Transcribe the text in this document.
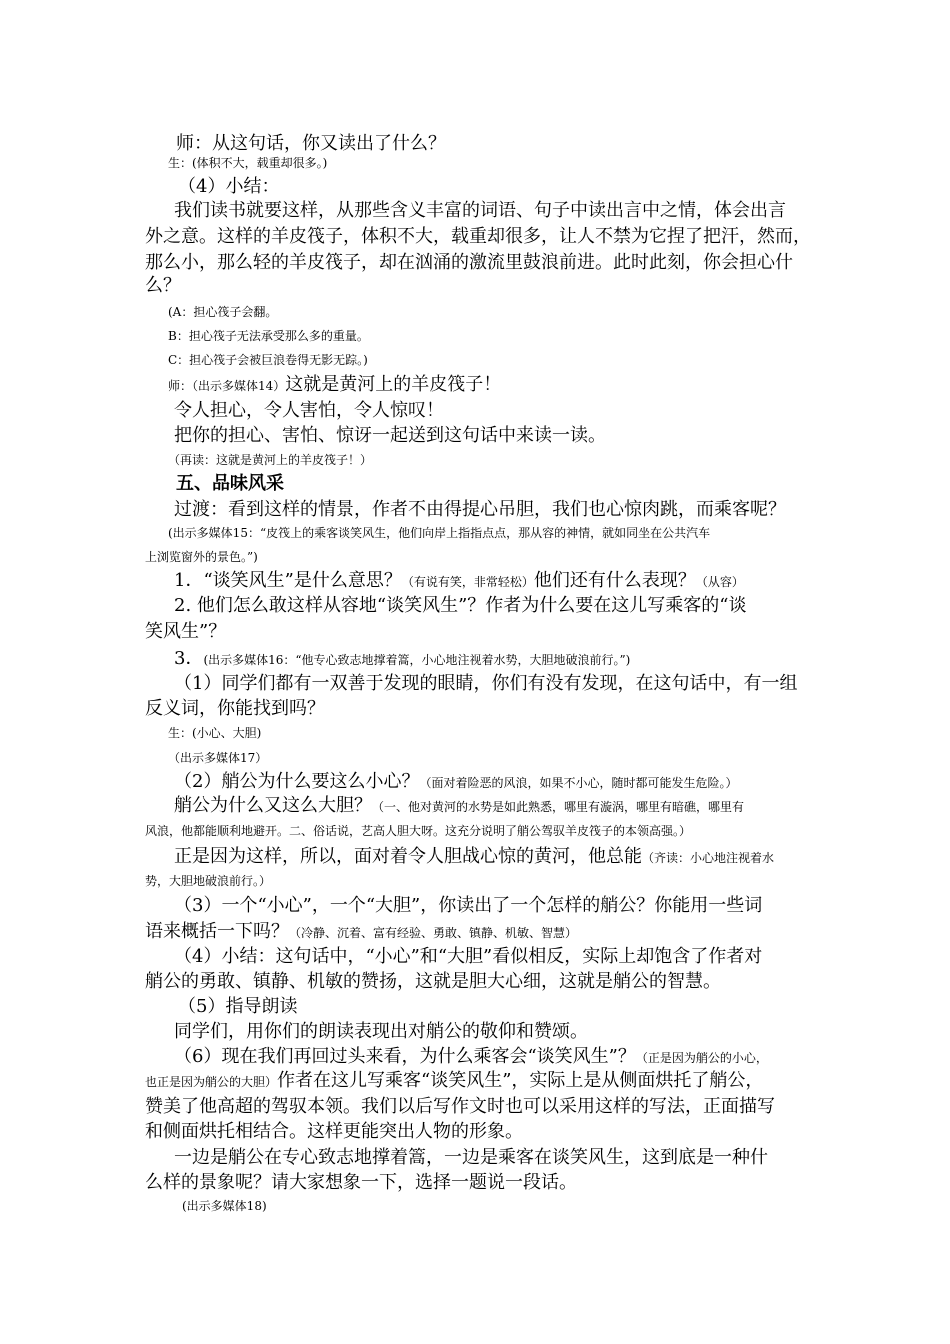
师：从这句话，你又读出了什么？
生：(体积不大，载重却很多。)
（4）小结：
我们读书就要这样，从那些含义丰富的词语、句子中读出言中之情，体会出言
外之意。这样的羊皮筏子，体积不大，载重却很多，让人不禁为它捏了把汗，然而，
那么小，那么轻的羊皮筏子，却在汹涌的激流里鼓浪前进。此时此刻，你会担心什
么？
(A：担心筏子会翻。
B：担心筏子无法承受那么多的重量。
C：担心筏子会被巨浪卷得无影无踪。)
师：（出示多媒体14）这就是黄河上的羊皮筏子！
令人担心，令人害怕，令人惊叹！
把你的担心、害怕、惊讶一起送到这句话中来读一读。
（再读：这就是黄河上的羊皮筏子！）
五、品味风采
过渡：看到这样的情景，作者不由得提心吊胆，我们也心惊肉跳，而乘客呢？
(出示多媒体15：“皮筏上的乘客谈笑风生，他们向岸上指指点点，那从容的神情，就如同坐在公共汽车
上浏览窗外的景色。”)
1．“谈笑风生”是什么意思？（有说有笑，非常轻松）他们还有什么表现？（从容）
2. 他们怎么敢这样从容地“谈笑风生”？作者为什么要在这儿写乘客的“谈
笑风生”？
3．(出示多媒体16：“他专心致志地撑着篙，小心地注视着水势，大胆地破浪前行。”)
（1）同学们都有一双善于发现的眼睛，你们有没有发现，在这句话中，有一组
反义词，你能找到吗？
生：(小心、大胆)
（出示多媒体17）
（2）艄公为什么要这么小心？（面对着险恶的风浪，如果不小心，随时都可能发生危险。）
艄公为什么又这么大胆？（一、他对黄河的水势是如此熟悉，哪里有漩涡，哪里有暗礁，哪里有
风浪，他都能顺利地避开。二、俗话说，艺高人胆大呀。这充分说明了艄公驾驭羊皮筏子的本领高强。）
正是因为这样，所以，面对着令人胆战心惊的黄河，他总能（齐读：小心地注视着水
势，大胆地破浪前行。）
（3）一个“小心”，一个“大胆”，你读出了一个怎样的艄公？你能用一些词
语来概括一下吗？（冷静、沉着、富有经验、勇敢、镇静、机敏、智慧）
（4）小结：这句话中，“小心”和“大胆”看似相反，实际上却饱含了作者对
艄公的勇敢、镇静、机敏的赞扬，这就是胆大心细，这就是艄公的智慧。
（5）指导朗读
同学们，用你们的朗读表现出对艄公的敬仰和赞颂。
（6）现在我们再回过头来看，为什么乘客会“谈笑风生”？（正是因为艄公的小心，
也正是因为艄公的大胆）作者在这儿写乘客“谈笑风生”，实际上是从侧面烘托了艄公，
赞美了他高超的驾驭本领。我们以后写作文时也可以采用这样的写法，正面描写
和侧面烘托相结合。这样更能突出人物的形象。
一边是艄公在专心致志地撑着篙，一边是乘客在谈笑风生，这到底是一种什
么样的景象呢？请大家想象一下，选择一题说一段话。
(出示多媒体18)
